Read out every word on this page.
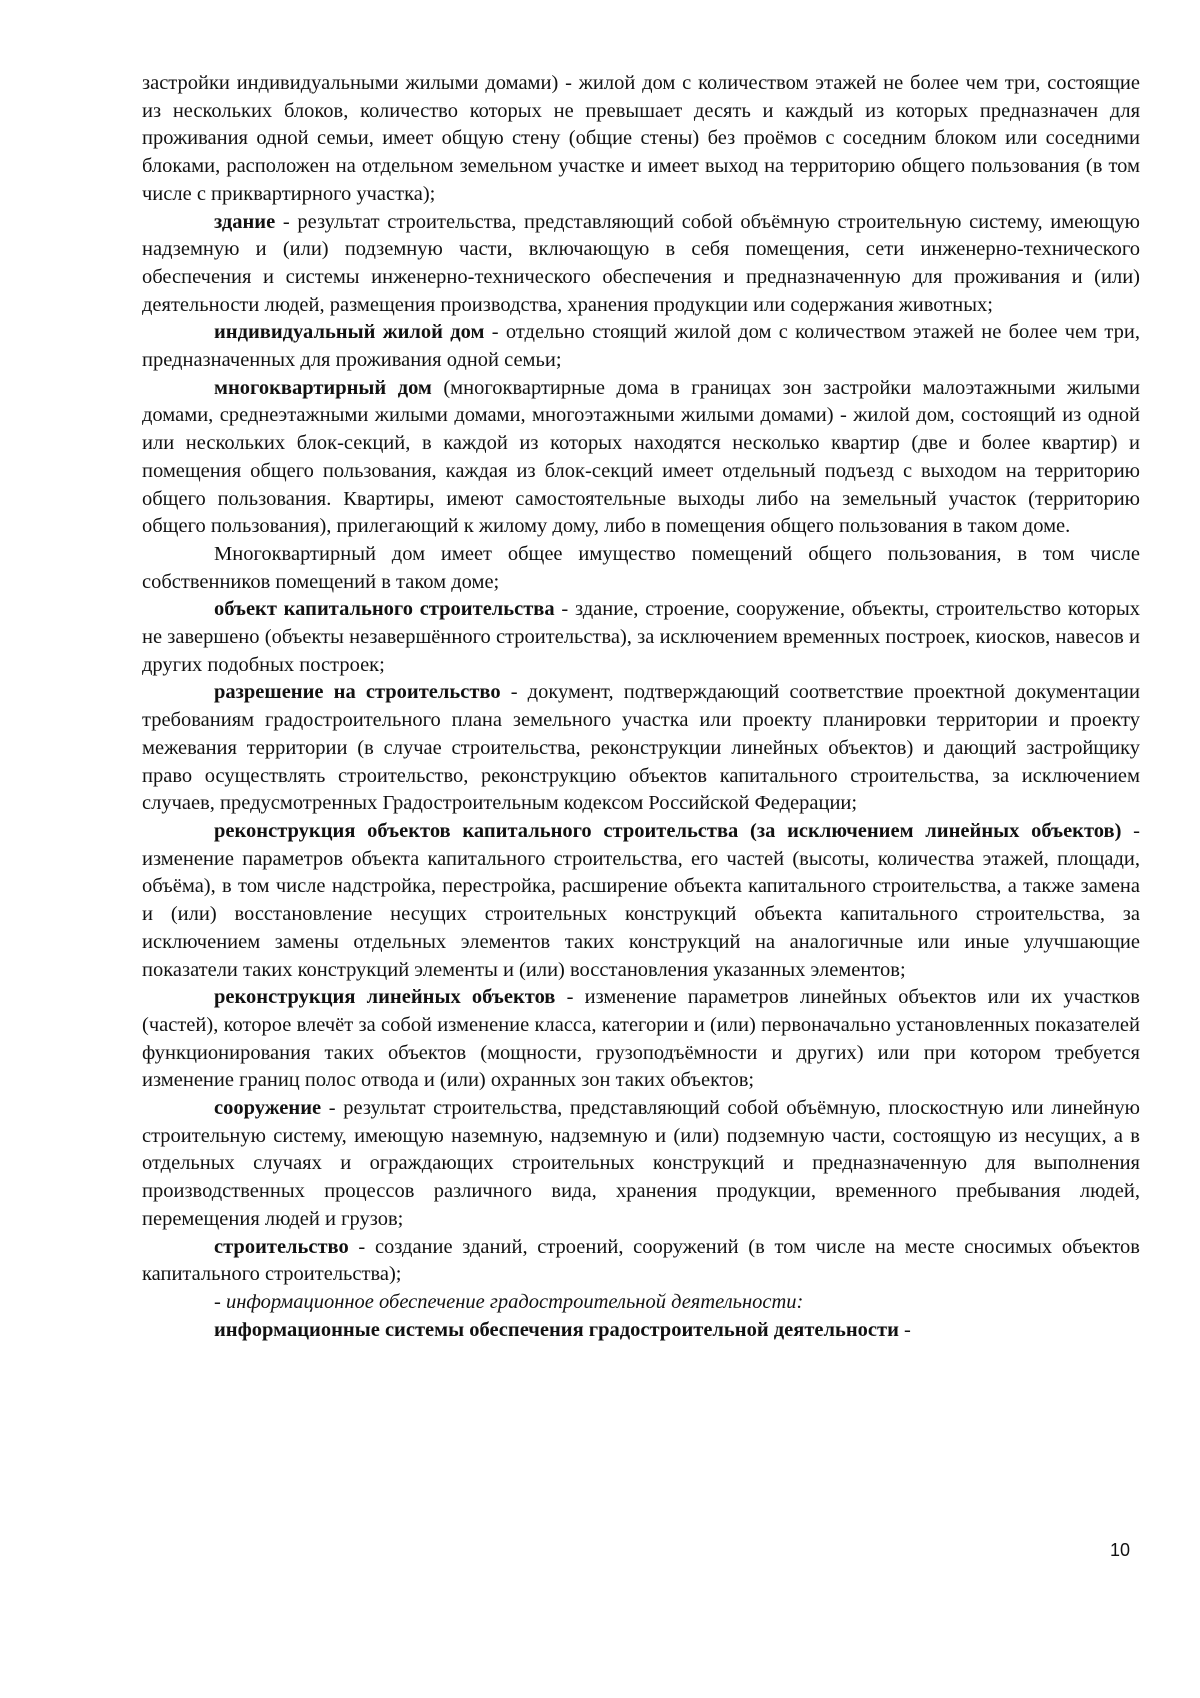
застройки индивидуальными жилыми домами) - жилой дом с количеством этажей не более чем три, состоящие из нескольких блоков, количество которых не превышает десять и каждый из которых предназначен для проживания одной семьи, имеет общую стену (общие стены) без проёмов с соседним блоком или соседними блоками, расположен на отдельном земельном участке и имеет выход на территорию общего пользования (в том числе с приквартирного участка);

здание - результат строительства, представляющий собой объёмную строительную систему, имеющую надземную и (или) подземную части, включающую в себя помещения, сети инженерно-технического обеспечения и системы инженерно-технического обеспечения и предназначенную для проживания и (или) деятельности людей, размещения производства, хранения продукции или содержания животных;

индивидуальный жилой дом - отдельно стоящий жилой дом с количеством этажей не более чем три, предназначенных для проживания одной семьи;

многоквартирный дом (многоквартирные дома в границах зон застройки малоэтажными жилыми домами, среднеэтажными жилыми домами, многоэтажными жилыми домами) - жилой дом, состоящий из одной или нескольких блок-секций, в каждой из которых находятся несколько квартир (две и более квартир) и помещения общего пользования, каждая из блок-секций имеет отдельный подъезд с выходом на территорию общего пользования. Квартиры, имеют самостоятельные выходы либо на земельный участок (территорию общего пользования), прилегающий к жилому дому, либо в помещения общего пользования в таком доме.

Многоквартирный дом имеет общее имущество помещений общего пользования, в том числе собственников помещений в таком доме;

объект капитального строительства - здание, строение, сооружение, объекты, строительство которых не завершено (объекты незавершённого строительства), за исключением временных построек, киосков, навесов и других подобных построек;

разрешение на строительство - документ, подтверждающий соответствие проектной документации требованиям градостроительного плана земельного участка или проекту планировки территории и проекту межевания территории (в случае строительства, реконструкции линейных объектов) и дающий застройщику право осуществлять строительство, реконструкцию объектов капитального строительства, за исключением случаев, предусмотренных Градостроительным кодексом Российской Федерации;

реконструкция объектов капитального строительства (за исключением линейных объектов) - изменение параметров объекта капитального строительства, его частей (высоты, количества этажей, площади, объёма), в том числе надстройка, перестройка, расширение объекта капитального строительства, а также замена и (или) восстановление несущих строительных конструкций объекта капитального строительства, за исключением замены отдельных элементов таких конструкций на аналогичные или иные улучшающие показатели таких конструкций элементы и (или) восстановления указанных элементов;

реконструкция линейных объектов - изменение параметров линейных объектов или их участков (частей), которое влечёт за собой изменение класса, категории и (или) первоначально установленных показателей функционирования таких объектов (мощности, грузоподъёмности и других) или при котором требуется изменение границ полос отвода и (или) охранных зон таких объектов;

сооружение - результат строительства, представляющий собой объёмную, плоскостную или линейную строительную систему, имеющую наземную, надземную и (или) подземную части, состоящую из несущих, а в отдельных случаях и ограждающих строительных конструкций и предназначенную для выполнения производственных процессов различного вида, хранения продукции, временного пребывания людей, перемещения людей и грузов;

строительство - создание зданий, строений, сооружений (в том числе на месте сносимых объектов капитального строительства);

- информационное обеспечение градостроительной деятельности:

информационные системы обеспечения градостроительной деятельности -

10
